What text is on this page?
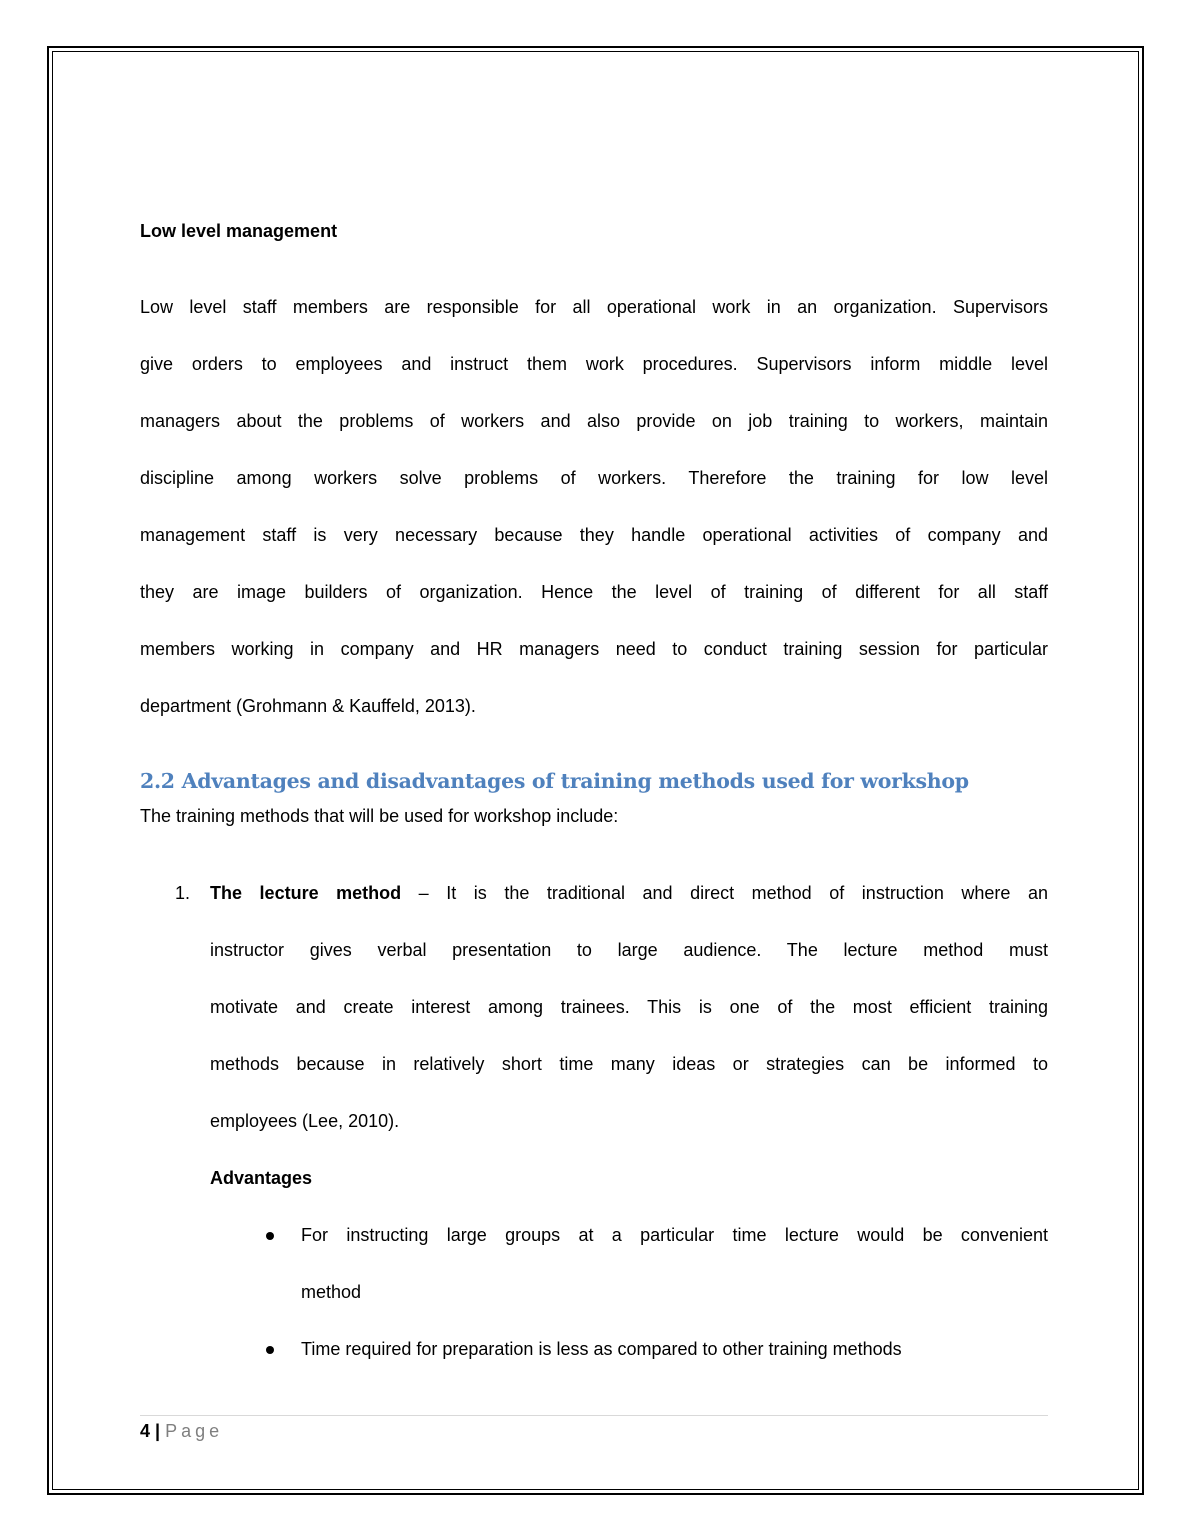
Low level management
Low level staff members are responsible for all operational work in an organization. Supervisors
give orders to employees and instruct them work procedures. Supervisors inform middle level
managers about the problems of workers and also provide on job training to workers, maintain
discipline among workers solve problems of workers. Therefore the training for low level
management staff is very necessary because they handle operational activities of company and
they are image builders of organization. Hence the level of training of different for all staff
members working in company and HR managers need to conduct training session for particular
department (Grohmann & Kauffeld, 2013).
2.2 Advantages and disadvantages of training methods used for workshop
The training methods that will be used for workshop include:
1. The lecture method – It is the traditional and direct method of instruction where an
instructor gives verbal presentation to large audience. The lecture method must
motivate and create interest among trainees. This is one of the most efficient training
methods because in relatively short time many ideas or strategies can be informed to
employees (Lee, 2010).
Advantages
For instructing large groups at a particular time lecture would be convenient
method
Time required for preparation is less as compared to other training methods
4 | Page
